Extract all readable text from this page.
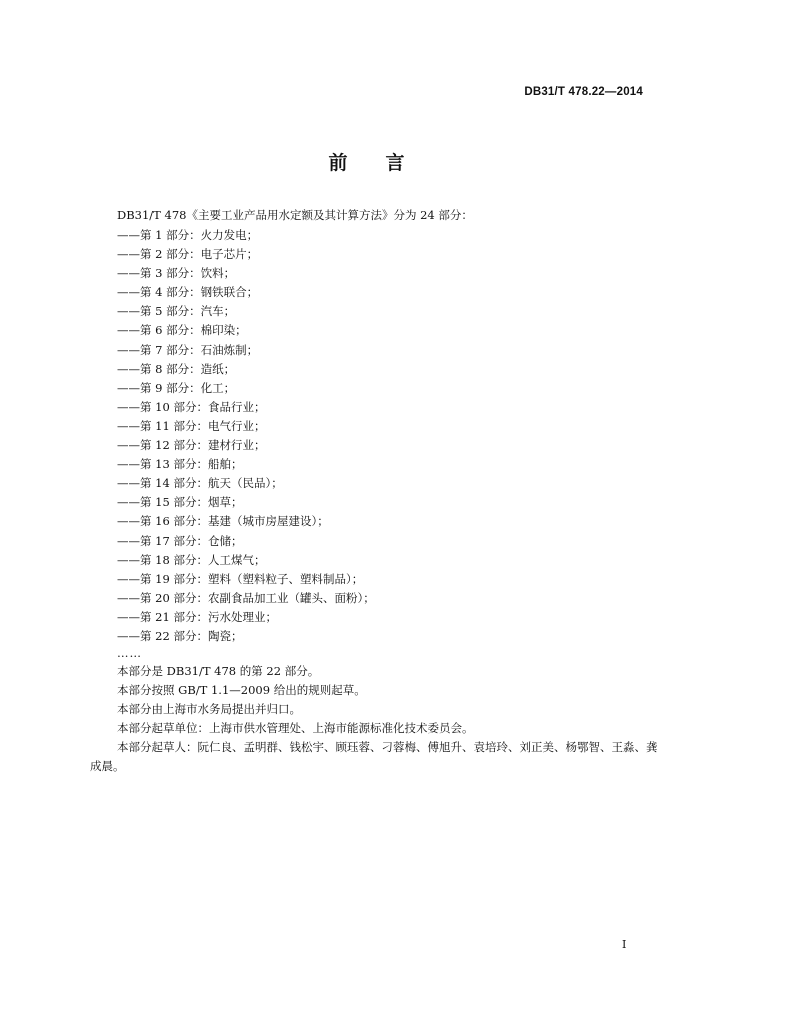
DB31/T 478.22—2014
前言
DB31/T 478《主要工业产品用水定额及其计算方法》分为 24 部分：
——第 1 部分：火力发电；
——第 2 部分：电子芯片；
——第 3 部分：饮料；
——第 4 部分：钢铁联合；
——第 5 部分：汽车；
——第 6 部分：棉印染；
——第 7 部分：石油炼制；
——第 8 部分：造纸；
——第 9 部分：化工；
——第 10 部分：食品行业；
——第 11 部分：电气行业；
——第 12 部分：建材行业；
——第 13 部分：船舶；
——第 14 部分：航天（民品）；
——第 15 部分：烟草；
——第 16 部分：基建（城市房屋建设）；
——第 17 部分：仓储；
——第 18 部分：人工煤气；
——第 19 部分：塑料（塑料粒子、塑料制品）；
——第 20 部分：农副食品加工业（罐头、面粉）；
——第 21 部分：污水处理业；
——第 22 部分：陶瓷；
……

本部分是 DB31/T 478 的第 22 部分。

本部分按照 GB/T 1.1—2009 给出的规则起草。

本部分由上海市水务局提出并归口。

本部分起草单位：上海市供水管理处、上海市能源标准化技术委员会。

本部分起草人：阮仁良、孟明群、钱松宇、顾珏蓉、刁蓉梅、傅旭升、袁培玲、刘正美、杨鄂智、王淼、龚成晨。

I
